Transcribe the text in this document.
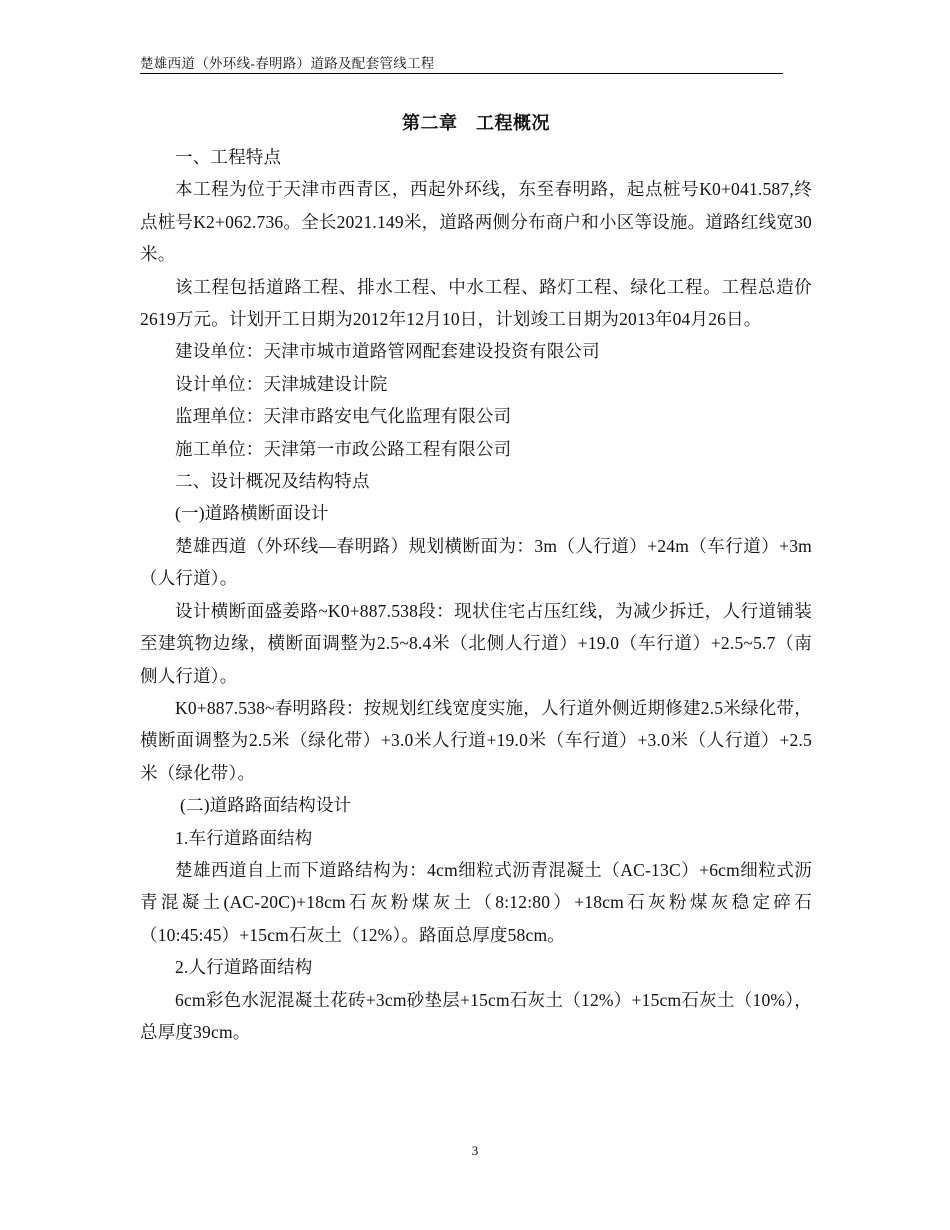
楚雄西道（外环线-春明路）道路及配套管线工程
第二章　工程概况

一、工程特点

本工程为位于天津市西青区，西起外环线，东至春明路，起点桩号K0+041.587,终点桩号K2+062.736。全长2021.149米，道路两侧分布商户和小区等设施。道路红线宽30米。

该工程包括道路工程、排水工程、中水工程、路灯工程、绿化工程。工程总造价2619万元。计划开工日期为2012年12月10日，计划竣工日期为2013年04月26日。

建设单位：天津市城市道路管网配套建设投资有限公司

设计单位：天津城建设计院

监理单位：天津市路安电气化监理有限公司

施工单位：天津第一市政公路工程有限公司

二、设计概况及结构特点

(一)道路横断面设计

楚雄西道（外环线—春明路）规划横断面为：3m（人行道）+24m（车行道）+3m（人行道）。

设计横断面盛姜路~K0+887.538段：现状住宅占压红线，为减少拆迁，人行道铺装至建筑物边缘，横断面调整为2.5~8.4米（北侧人行道）+19.0（车行道）+2.5~5.7（南侧人行道）。

K0+887.538~春明路段：按规划红线宽度实施，人行道外侧近期修建2.5米绿化带，横断面调整为2.5米（绿化带）+3.0米人行道+19.0米（车行道）+3.0米（人行道）+2.5米（绿化带）。

(二)道路路面结构设计

1.车行道路面结构

楚雄西道自上而下道路结构为：4cm细粒式沥青混凝土（AC-13C）+6cm细粒式沥青混凝土(AC-20C)+18cm石灰粉煤灰土（8:12:80）+18cm石灰粉煤灰稳定碎石（10:45:45）+15cm石灰土（12%）。路面总厚度58cm。

2.人行道路面结构

6cm彩色水泥混凝土花砖+3cm砂垫层+15cm石灰土（12%）+15cm石灰土（10%），总厚度39cm。

3
